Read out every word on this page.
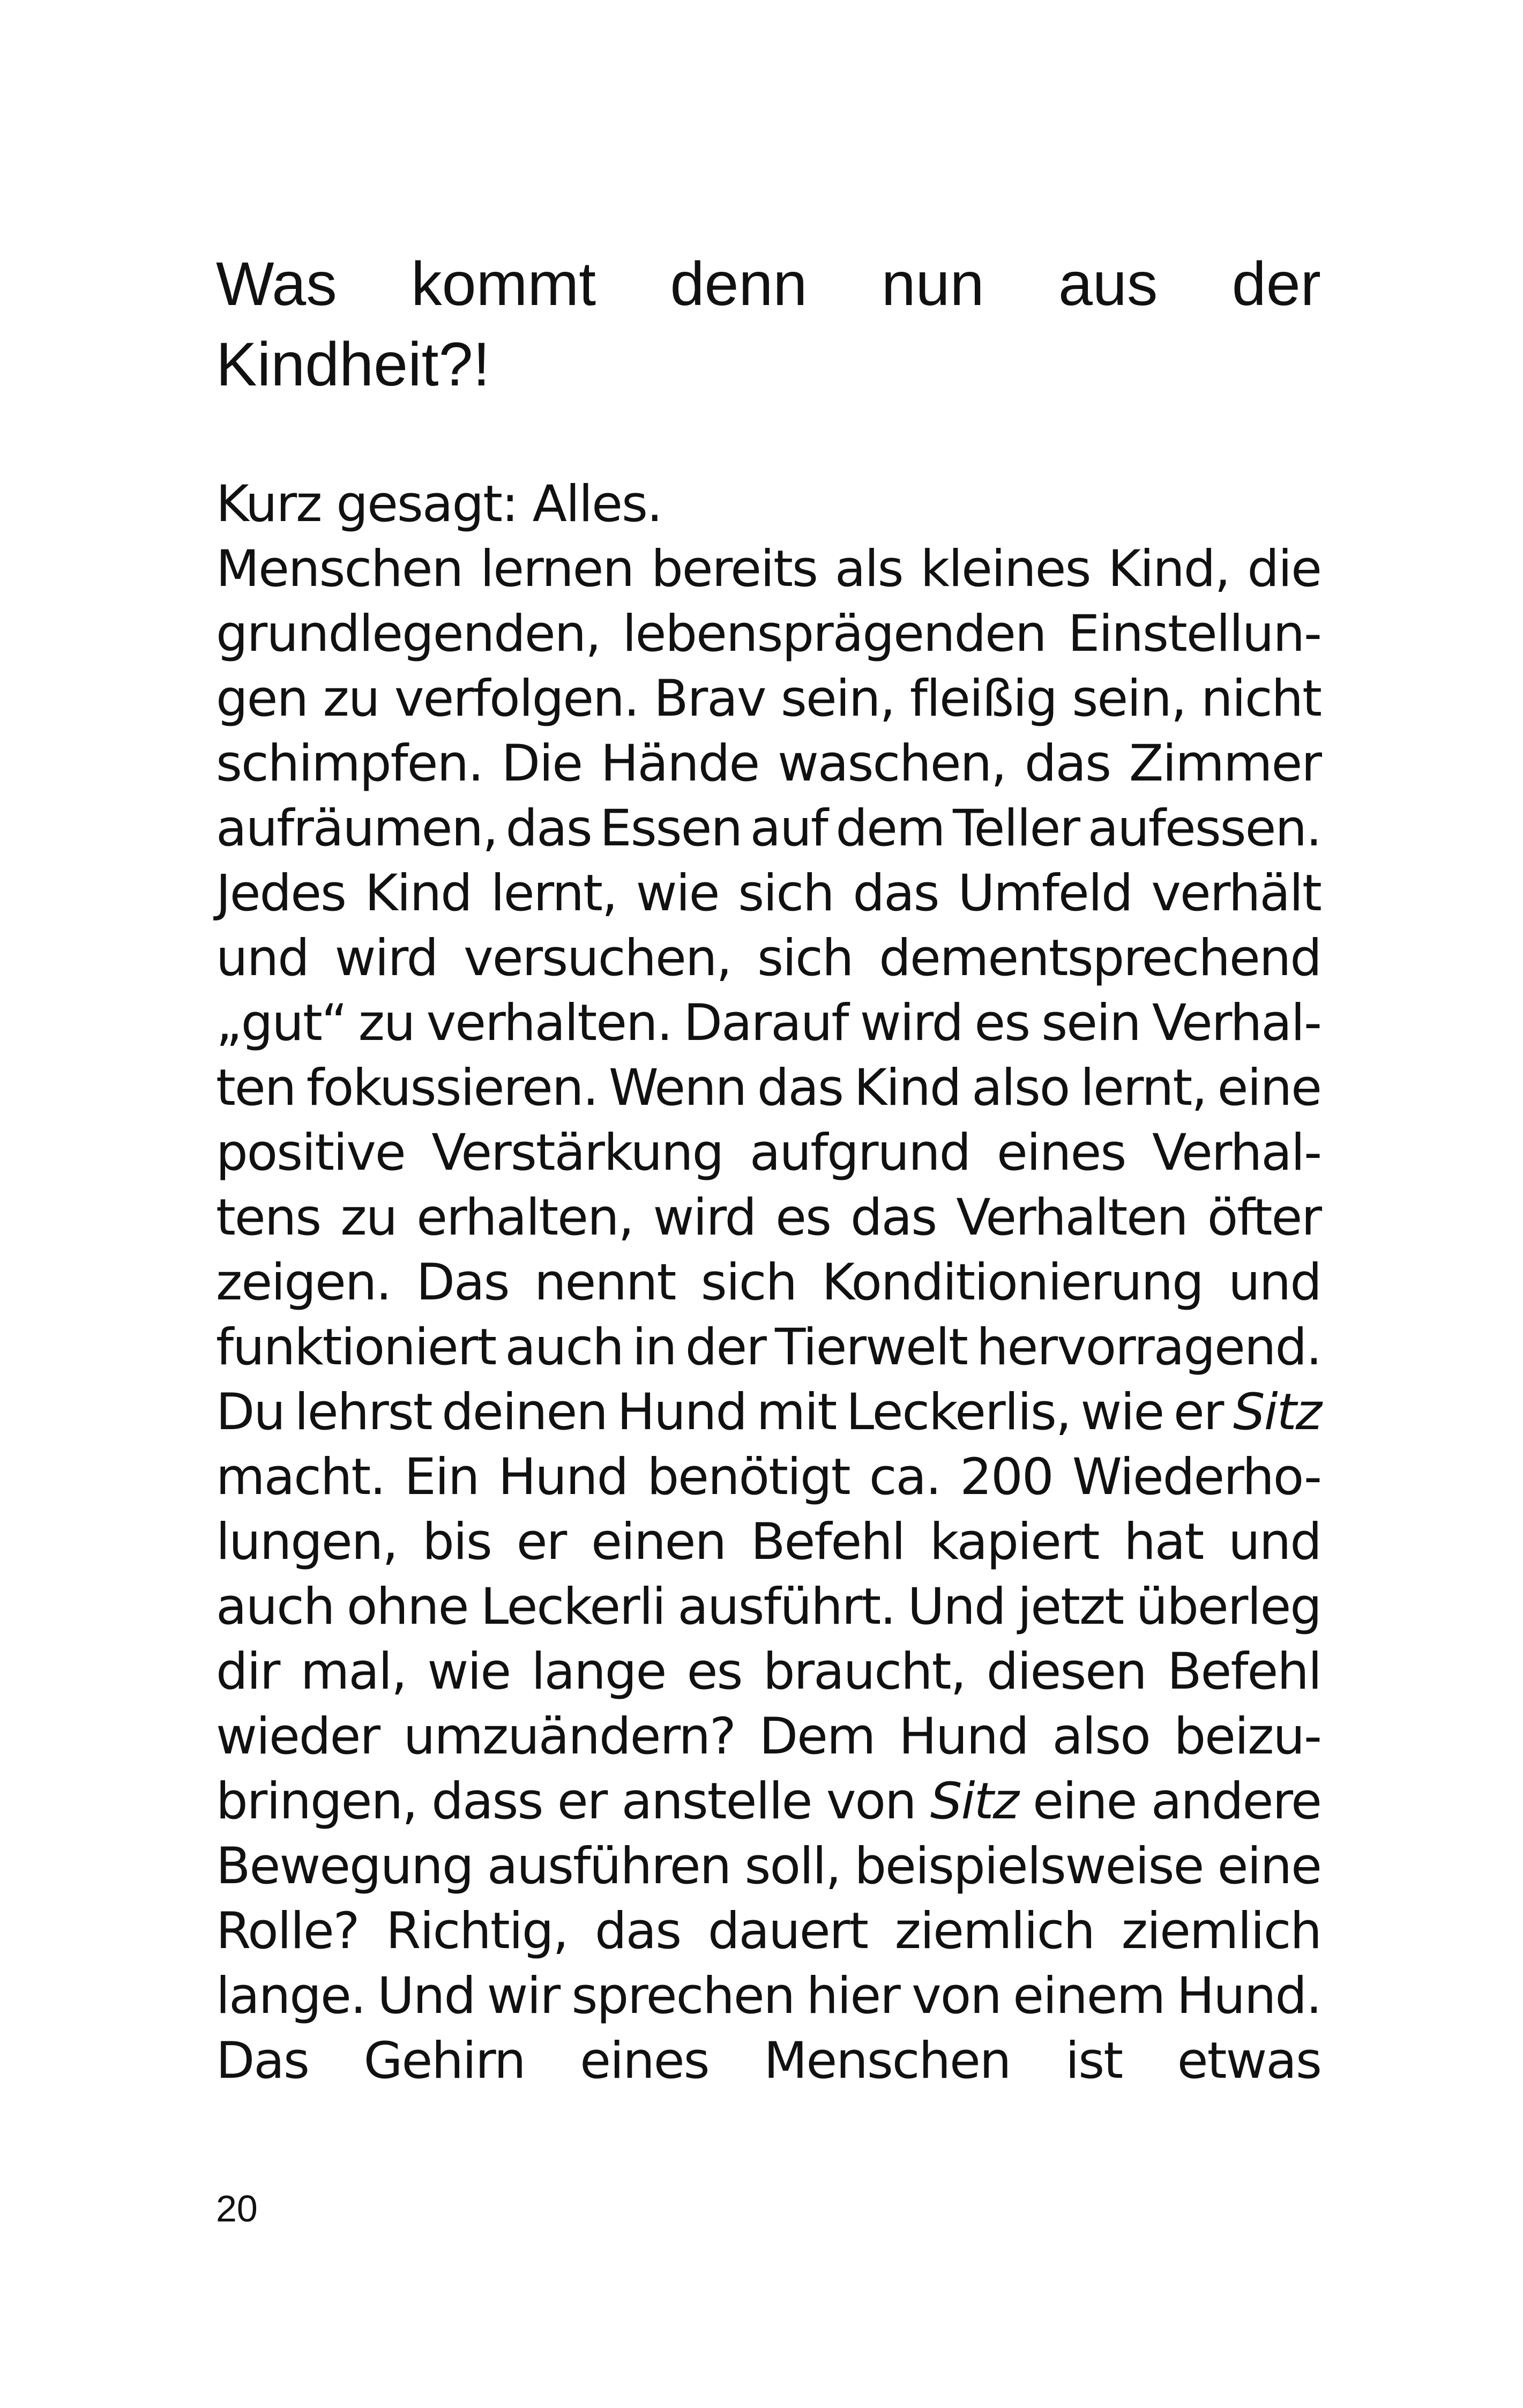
Was kommt denn nun aus der
Kindheit?!
Kurz gesagt: Alles.
Menschen lernen bereits als kleines Kind, die
grundlegenden, lebensprägenden Einstellun-
gen zu verfolgen. Brav sein, fleißig sein, nicht
schimpfen. Die Hände waschen, das Zimmer
aufräumen, das Essen auf dem Teller aufessen.
Jedes Kind lernt, wie sich das Umfeld verhält
und wird versuchen, sich dementsprechend
„gut“ zu verhalten. Darauf wird es sein Verhal-
ten fokussieren. Wenn das Kind also lernt, eine
positive Verstärkung aufgrund eines Verhal-
tens zu erhalten, wird es das Verhalten öfter
zeigen. Das nennt sich Konditionierung und
funktioniert auch in der Tierwelt hervorragend.
Du lehrst deinen Hund mit Leckerlis, wie er Sitz
macht. Ein Hund benötigt ca. 200 Wiederho-
lungen, bis er einen Befehl kapiert hat und
auch ohne Leckerli ausführt. Und jetzt überleg
dir mal, wie lange es braucht, diesen Befehl
wieder umzuändern? Dem Hund also beizu-
bringen, dass er anstelle von Sitz eine andere
Bewegung ausführen soll, beispielsweise eine
Rolle? Richtig, das dauert ziemlich ziemlich
lange. Und wir sprechen hier von einem Hund.
Das Gehirn eines Menschen ist etwas
20
